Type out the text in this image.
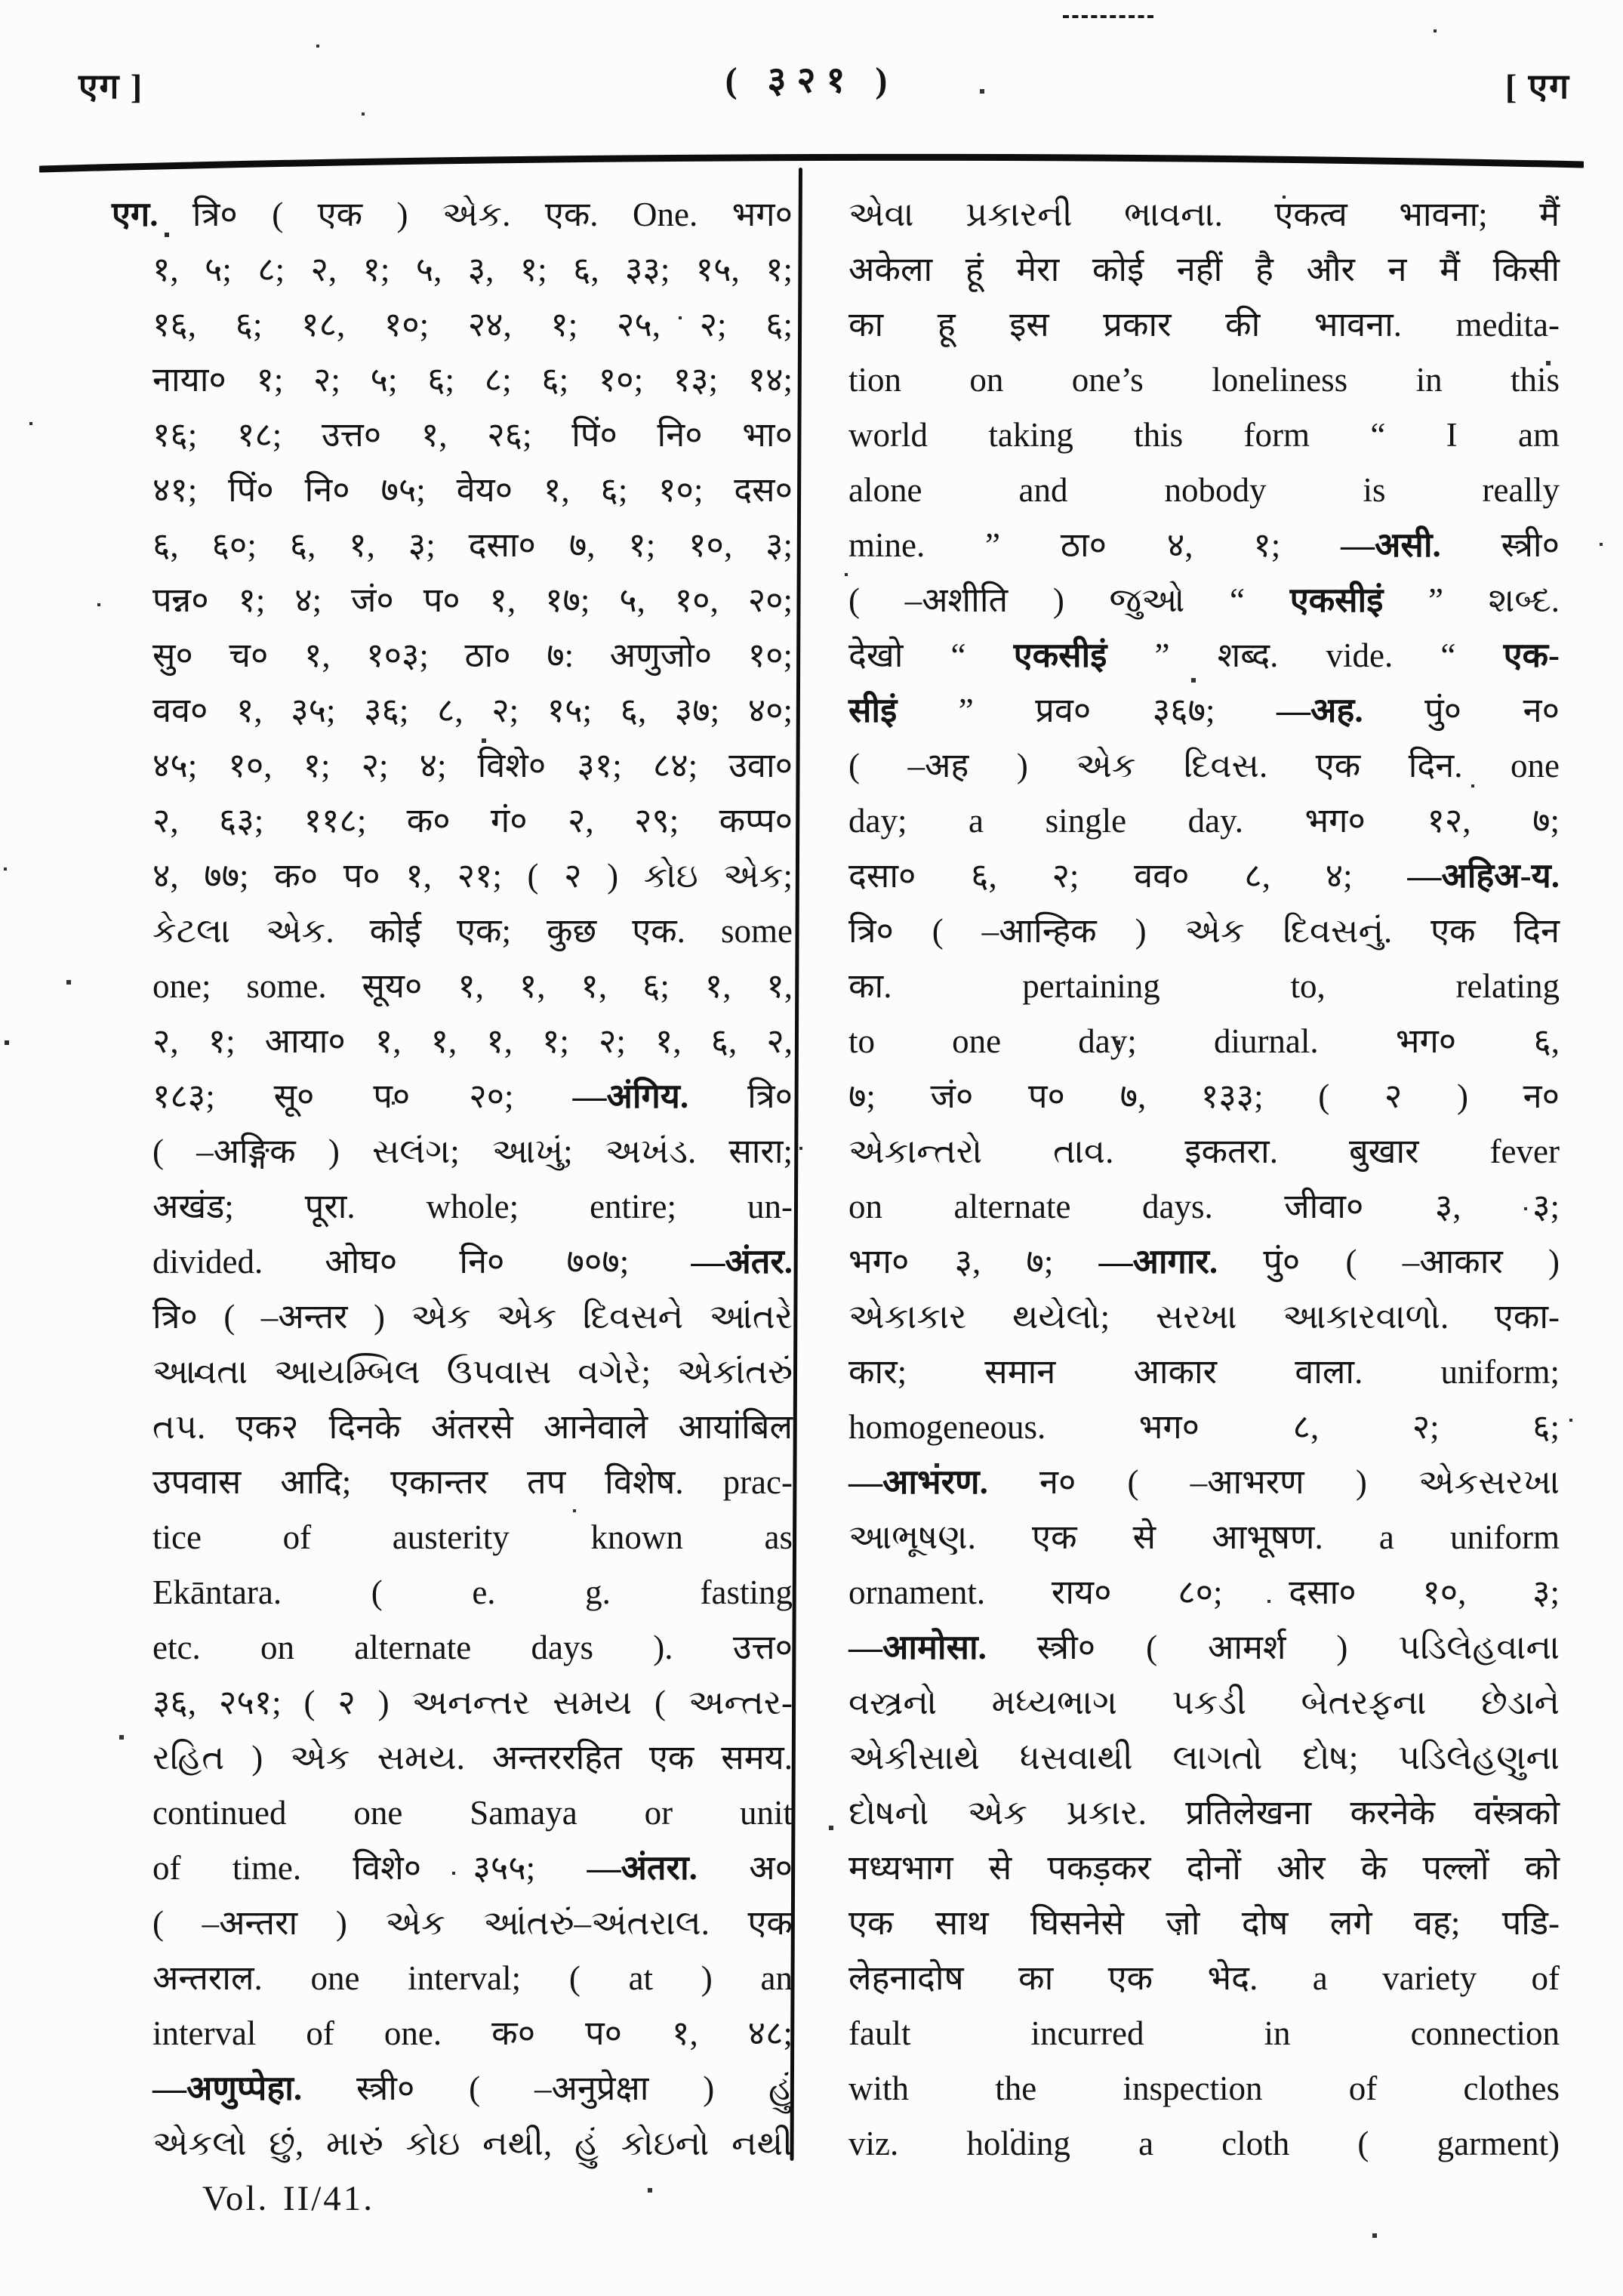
एग ]	( ३२१ )	[ एग
एग. त्रि० ( एक ) એક. एक. One. भग०
१, ५; ८; २, १; ५, ३, १; ६, ३३; १५, १;
१६, ६; १८, १०; २४, १; २५, २; ६;
नाया० १; २; ५; ६; ८; ६; १०; १३; १४;
१६; १८; उत्त० १, २६; पिं० नि० भा०
४१; पिं० नि० ७५; वेय० १, ६; १०; दस०
६, ६०; ६, १, ३; दसा० ७, १; १०, ३;
पन्न० १; ४; जं० प० १, १७; ५, १०, २०;
सु० च० १, १०३; ठा० ७: अणुजो० १०;
वव० १, ३५; ३६; ८, २; १५; ६, ३७; ४०;
४५; १०, १; २; ४; विशे० ३१; ८४; उवा०
२, ६३; ११८; क० गं० २, २९; कप्प०
४, ७७; क० प० १, २१; ( २ ) કોઇ એક;
કેટલા એક. कोई एक; कुछ एक. some
one; some. सूय० १, १, १, ६; १, १,
२, १; आया० १, १, १, १; २; १, ६, २,
१८३; सू० प० २०; —अंगिय. त्रि०
( –अङ्गिक ) સલંગ; આખું; અખંડ. सारा;
अखंड; पूरा. whole; entire; un-
divided. ओघ० नि० ७०७; —अंतर.
त्रि० ( –अन्तर ) એક એક દિવસને આંતરે
આવતા આયમ્બિલ ઉપવાસ વગેરે; એકાંતરું
તપ. एक२ दिनके अंतरसे आनेवाले आयांबिल
उपवास आदि; एकान्तर तप विशेष. prac-
tice of austerity known as
Ekāntara. ( e. g. fasting
etc. on alternate days ). उत्त०
३६, २५१; ( २ ) અનન્તર સમય ( અન્તર-
રહિત ) એક સમય. अन्तररहित एक समय.
continued one Samaya or unit
of time. विशे० ३५५; —अंतरा. अ०
( –अन्तरा ) એક આંતરું–અંતરાલ. एक
अन्तराल. one interval; ( at ) an
interval of one. क० प० १, ४८;
—अणुप्पेहा. स्त्री० ( –अनुप्रेक्षा ) હું
એકલો છું, મારું કોઇ નથી, હું કોઇનો નથી
Vol. II/41.
એવા પ્રકારની ભાવના. एकत्व भावना; मैं
अकेला हूं मेरा कोई नहीं है और न मैं किसी
का हू इस प्रकार की भावना. medita-
tion on one’s loneliness in this
world taking this form “ I am
alone and nobody is really
mine. ” ठा० ४, १; —असी. स्त्री०
( –अशीति ) જુઓ “ एकसीइं ” શબ્દ.
देखो “ एकसीइं ” शब्द. vide. “ एक-
सीइं ” प्रव० ३६७; —अह. पुं० न०
( –अह ) એક દિવસ. एक दिन. one
day; a single day. भग० १२, ७;
दसा० ६, २; वव० ८, ४; —अहिअ-य.
त्रि० ( –आन्हिक ) એક દિવસનું. एक दिन
का. pertaining to, relating
to one day; diurnal. भग० ६,
७; जं० प० ७, १३३; ( २ ) न०
એકાન્તરો તાવ. इकतरा. बुखार fever
on alternate days. जीवा० ३, ३;
भग० ३, ७; —आगार. पुं० ( –आकार )
એકાકાર થયેલો; સરખા આકારવાળો. एका-
कार; समान आकार वाला. uniform;
homogeneous. भग० ८, २; ६;
—आभरण. न० ( –आभरण ) એકસરખા
આભૂષણ. एक से आभूषण. a uniform
ornament. राय० ८०; दसा० १०, ३;
—आमोसा. स्त्री० ( आमर्श ) પડિલેહવાના
વસ્ત્રનો મધ્યભાગ પકડી બેતરફના છેડાને
એકીસાથે ધસવાથી લાગતો દોષ; પડિલેહણુના
દોષનો એક પ્રકાર. प्रतिलेखना करनेके वस्त्रको
मध्यभाग से पकड़कर दोनों ओर के पल्लों को
एक साथ घिसनेसे जो दोष लगे वह; पडि-
लेहनादोष का एक भेद. a variety of
fault incurred in connection
with the inspection of clothes
viz. holding a cloth ( garment)
